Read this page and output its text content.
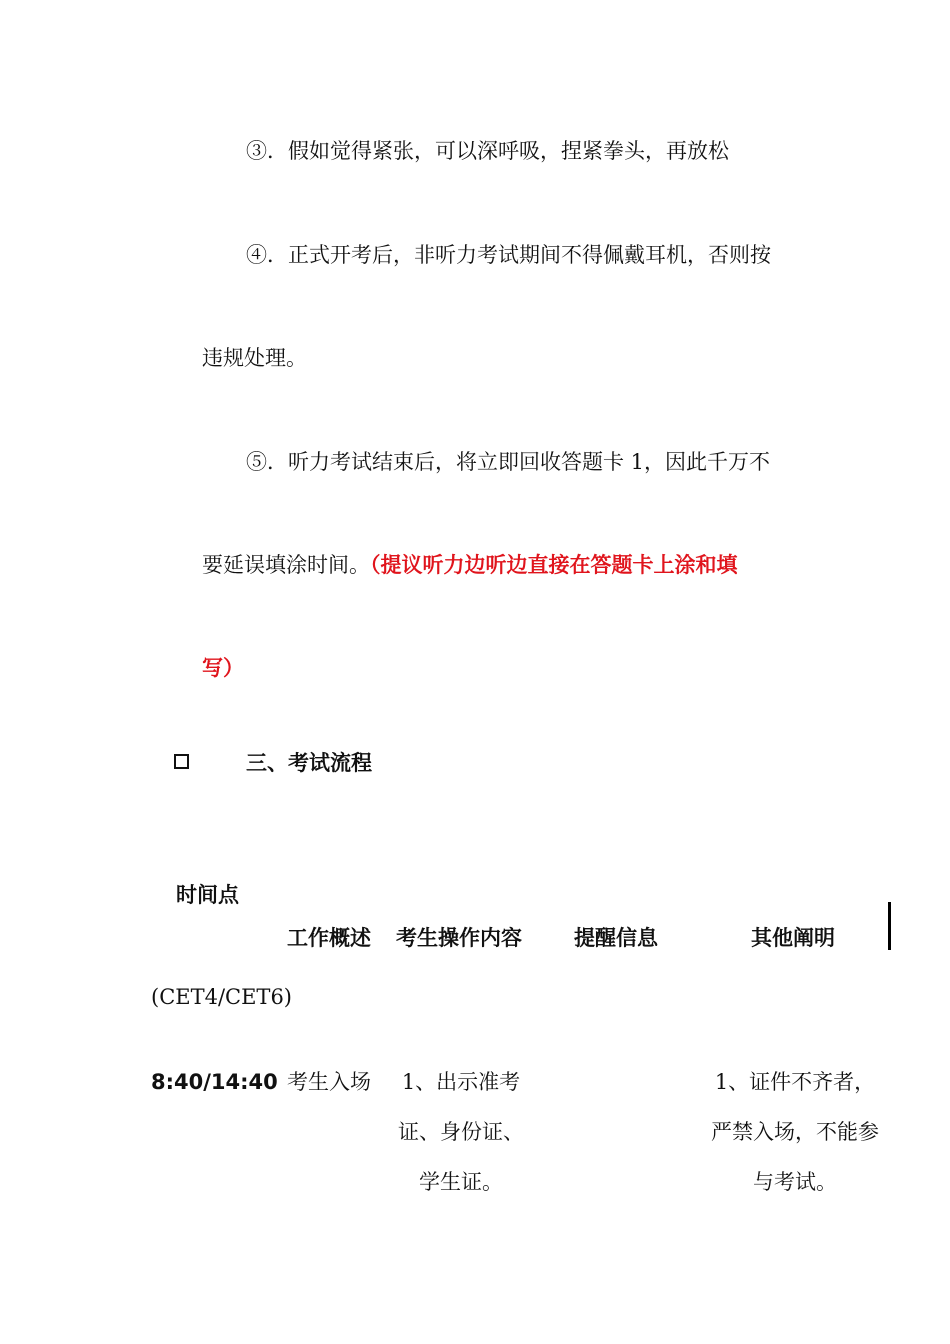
③．假如觉得紧张，可以深呼吸，捏紧拳头，再放松
④．正式开考后，非听力考试期间不得佩戴耳机，否则按
违规处理。
⑤．听力考试结束后，将立即回收答题卡 1，因此千万不
要延误填涂时间。（提议听力边听边直接在答题卡上涂和填
写）
三、考试流程
时间点
工作概述 考生操作内容 提醒信息	其他阐明
(CET4/CET6)
8:40/14:40 考生入场	1、出示准考
证、身份证、
学生证。
1、证件不齐者，
严禁入场，不能参
与考试。
